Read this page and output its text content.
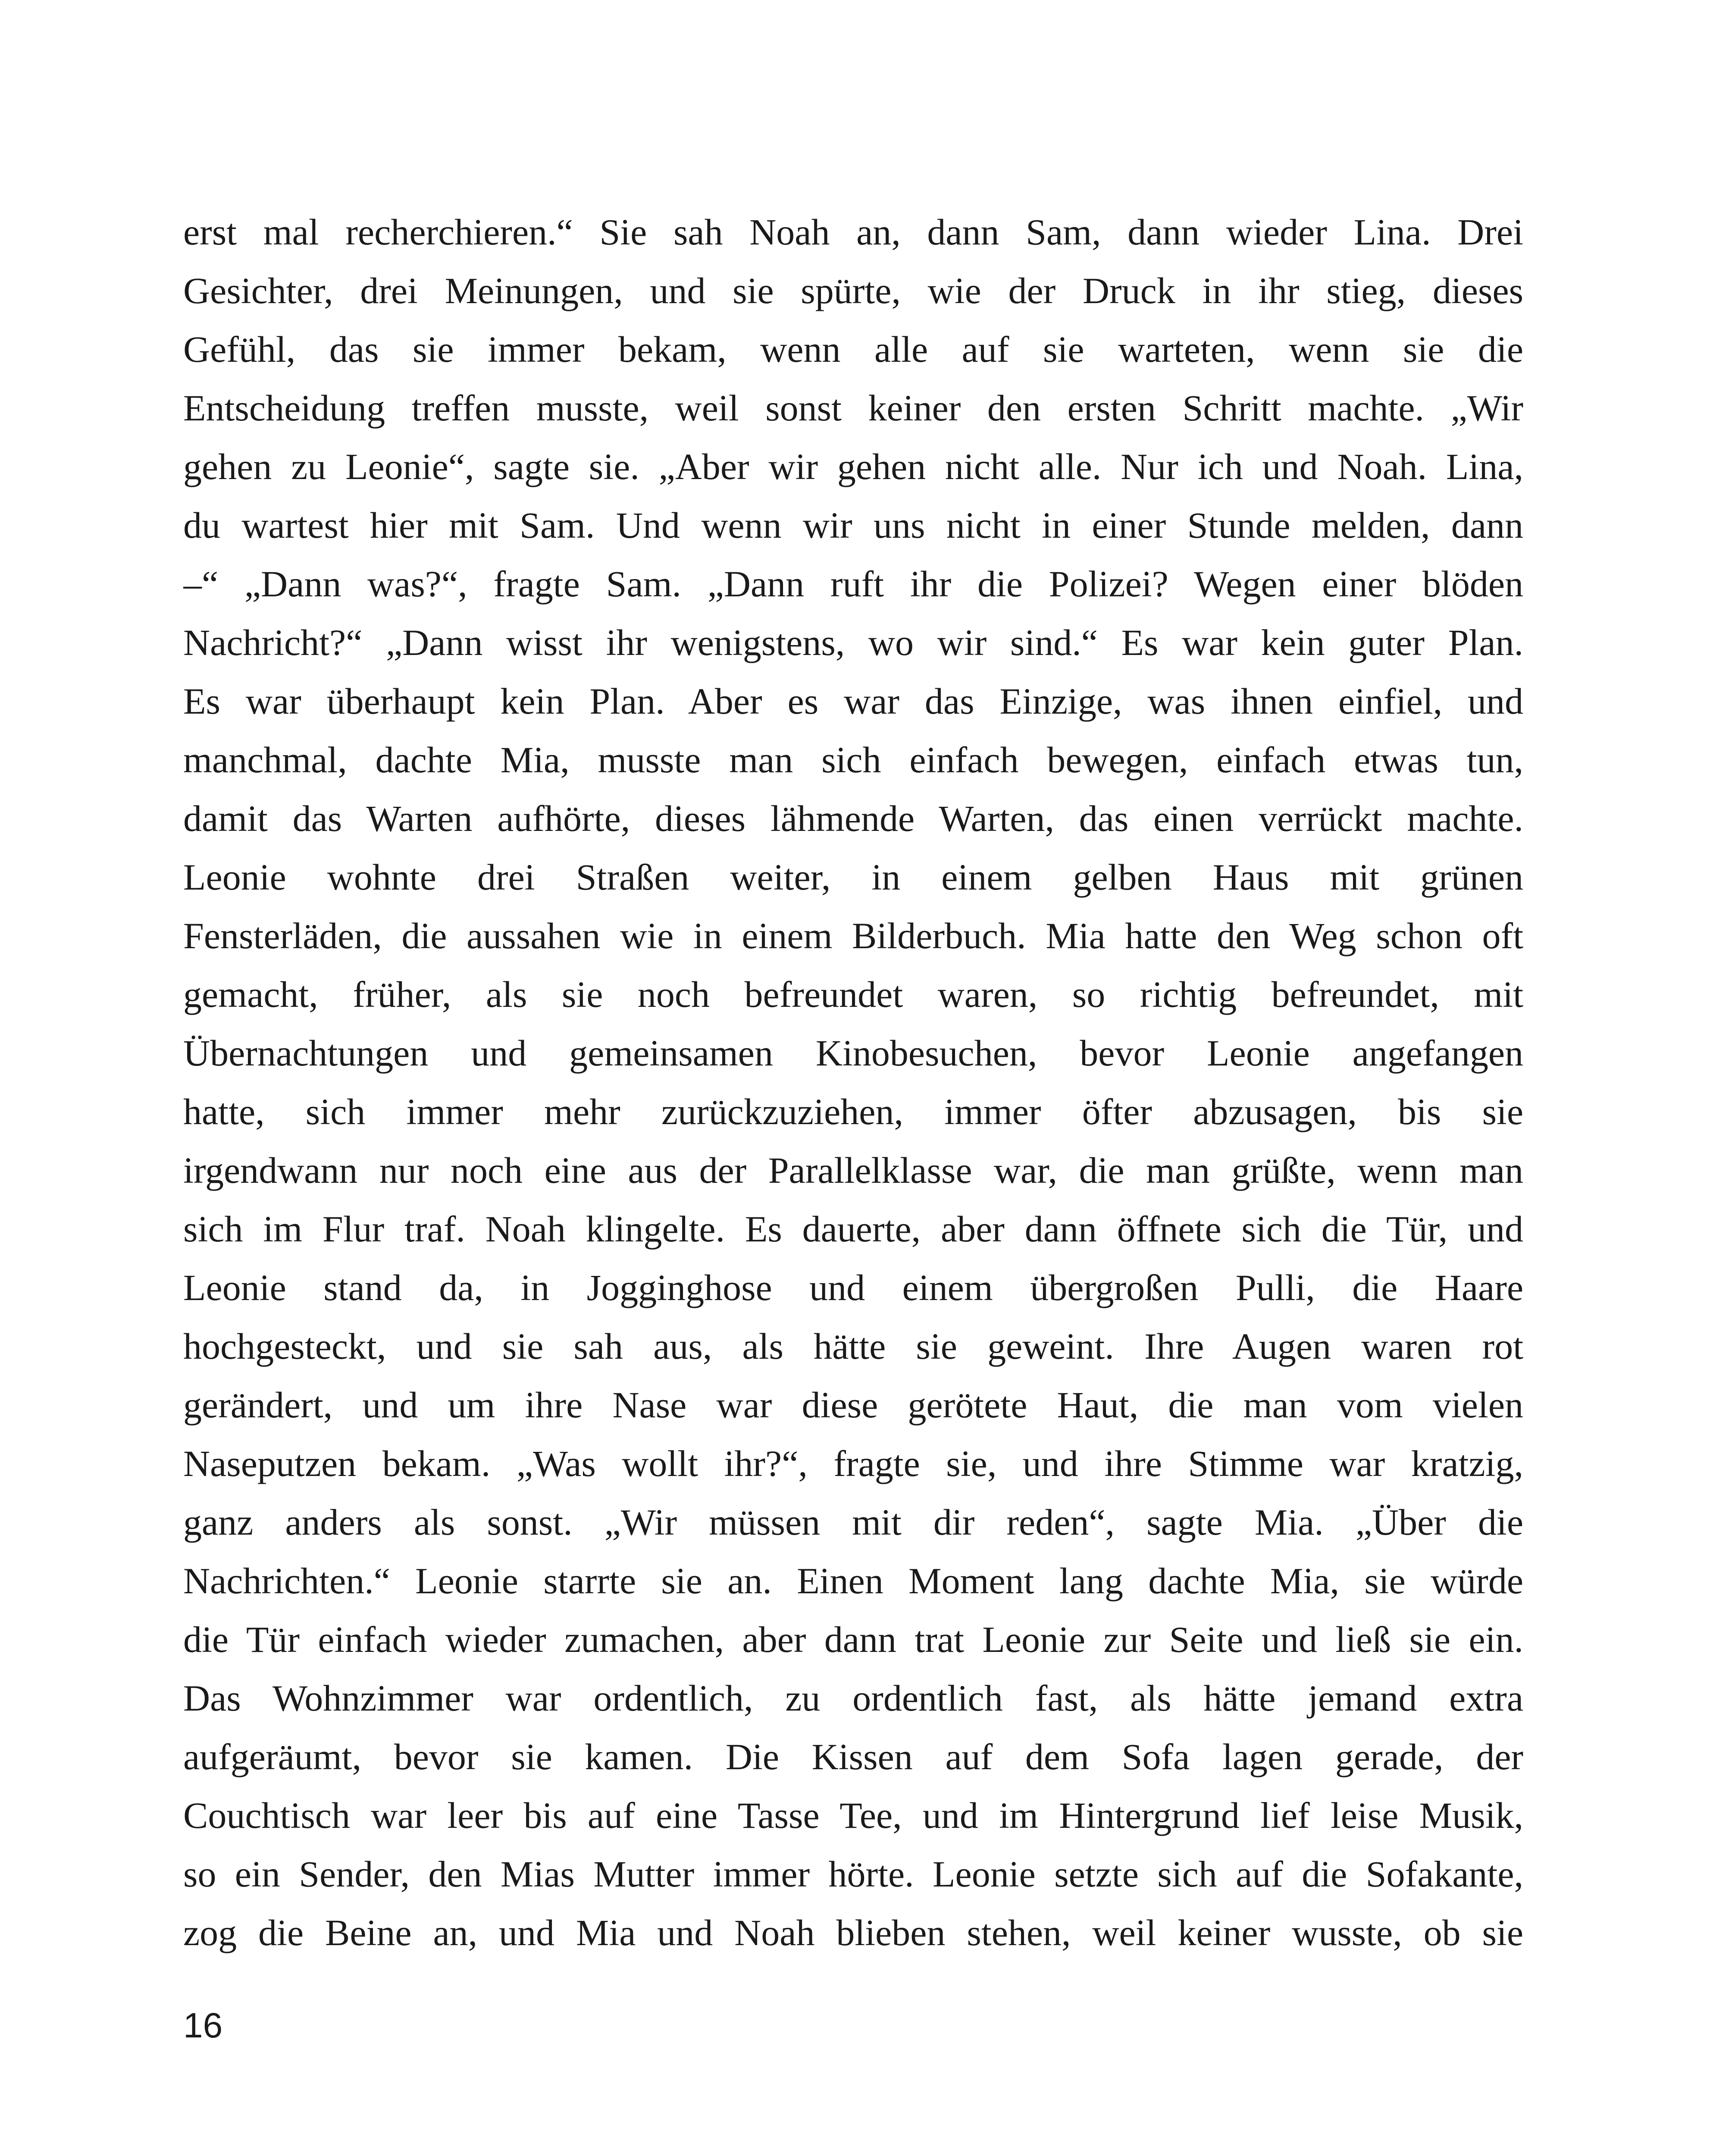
erst mal recherchieren.“ Sie sah Noah an, dann Sam, dann wieder Lina. Drei
Gesichter, drei Meinungen, und sie spürte, wie der Druck in ihr stieg, dieses
Gefühl, das sie immer bekam, wenn alle auf sie warteten, wenn sie die
Entscheidung treffen musste, weil sonst keiner den ersten Schritt machte. „Wir
gehen zu Leonie“, sagte sie. „Aber wir gehen nicht alle. Nur ich und Noah. Lina,
du wartest hier mit Sam. Und wenn wir uns nicht in einer Stunde melden, dann
–“ „Dann was?“, fragte Sam. „Dann ruft ihr die Polizei? Wegen einer blöden
Nachricht?“ „Dann wisst ihr wenigstens, wo wir sind.“ Es war kein guter Plan.
Es war überhaupt kein Plan. Aber es war das Einzige, was ihnen einfiel, und
manchmal, dachte Mia, musste man sich einfach bewegen, einfach etwas tun,
damit das Warten aufhörte, dieses lähmende Warten, das einen verrückt machte.
Leonie wohnte drei Straßen weiter, in einem gelben Haus mit grünen
Fensterläden, die aussahen wie in einem Bilderbuch. Mia hatte den Weg schon oft
gemacht, früher, als sie noch befreundet waren, so richtig befreundet, mit
Übernachtungen und gemeinsamen Kinobesuchen, bevor Leonie angefangen
hatte, sich immer mehr zurückzuziehen, immer öfter abzusagen, bis sie
irgendwann nur noch eine aus der Parallelklasse war, die man grüßte, wenn man
sich im Flur traf. Noah klingelte. Es dauerte, aber dann öffnete sich die Tür, und
Leonie stand da, in Jogginghose und einem übergroßen Pulli, die Haare
hochgesteckt, und sie sah aus, als hätte sie geweint. Ihre Augen waren rot
gerändert, und um ihre Nase war diese gerötete Haut, die man vom vielen
Naseputzen bekam. „Was wollt ihr?“, fragte sie, und ihre Stimme war kratzig,
ganz anders als sonst. „Wir müssen mit dir reden“, sagte Mia. „Über die
Nachrichten.“ Leonie starrte sie an. Einen Moment lang dachte Mia, sie würde
die Tür einfach wieder zumachen, aber dann trat Leonie zur Seite und ließ sie ein.
Das Wohnzimmer war ordentlich, zu ordentlich fast, als hätte jemand extra
aufgeräumt, bevor sie kamen. Die Kissen auf dem Sofa lagen gerade, der
Couchtisch war leer bis auf eine Tasse Tee, und im Hintergrund lief leise Musik,
so ein Sender, den Mias Mutter immer hörte. Leonie setzte sich auf die Sofakante,
zog die Beine an, und Mia und Noah blieben stehen, weil keiner wusste, ob sie
16
